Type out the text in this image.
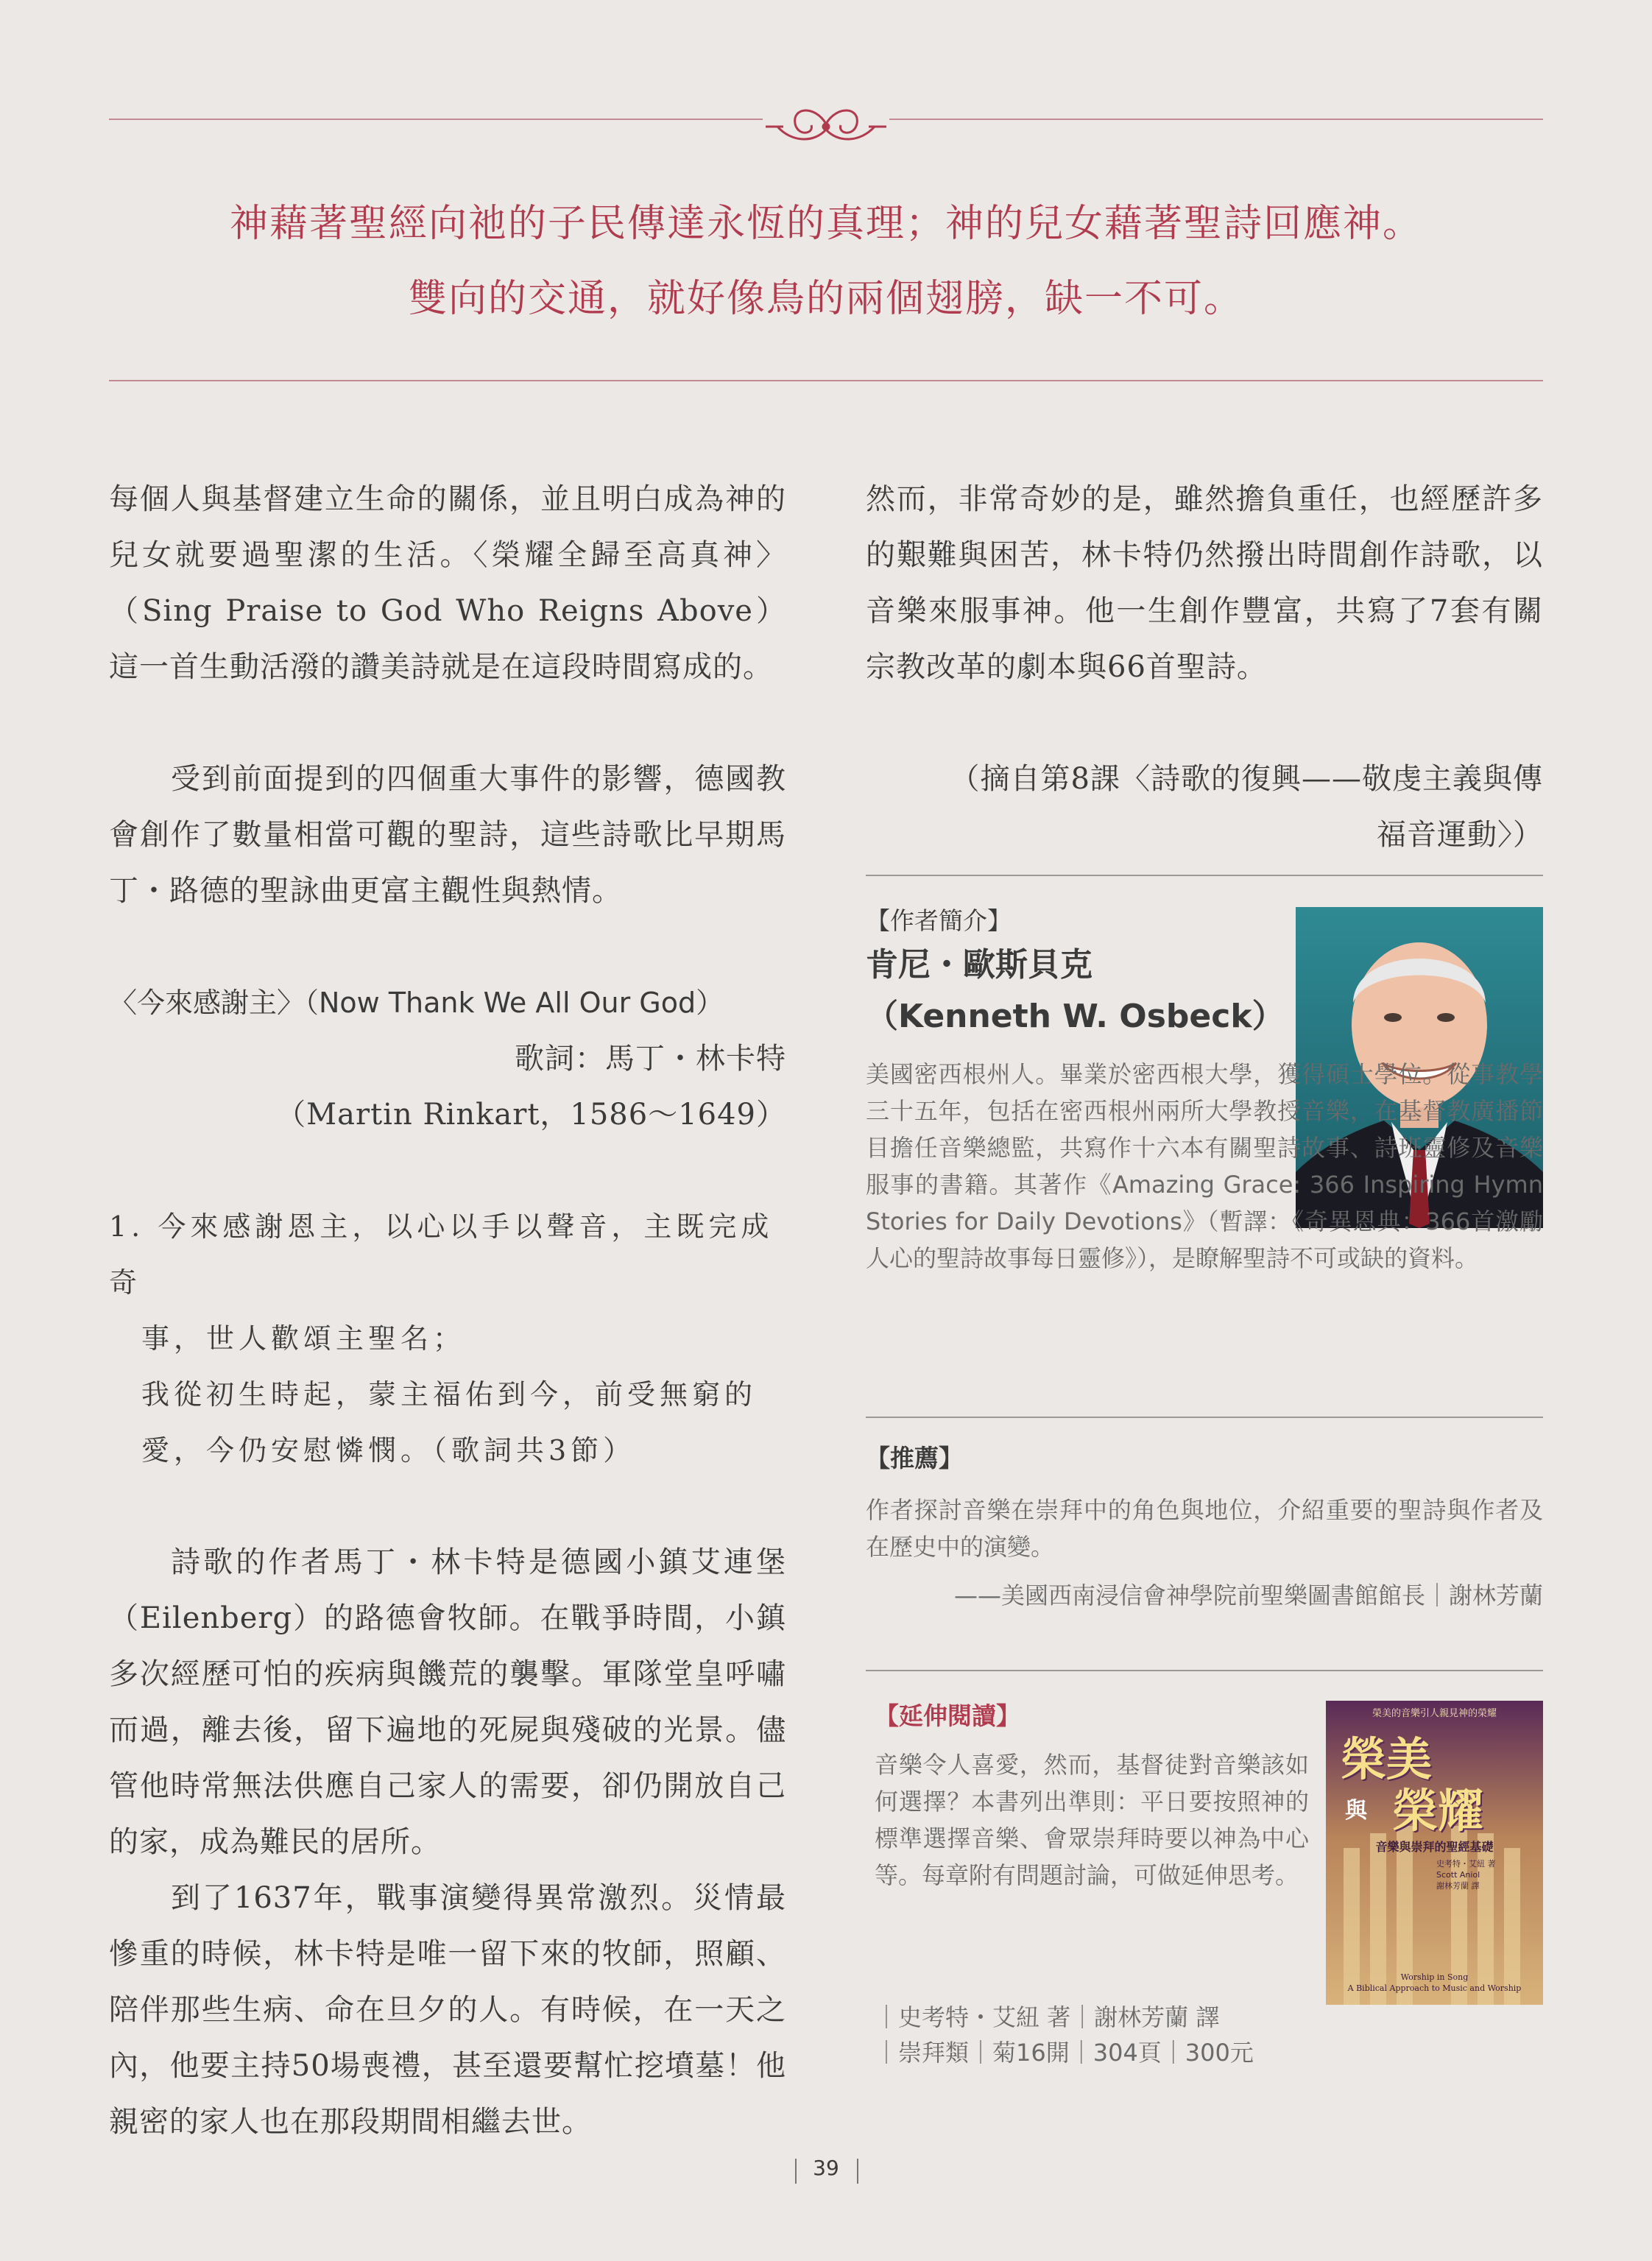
神藉著聖經向祂的子民傳達永恆的真理；神的兒女藉著聖詩回應神。
雙向的交通，就好像鳥的兩個翅膀，缺一不可。

每個人與基督建立生命的關係，並且明白成為神的兒女就要過聖潔的生活。〈榮耀全歸至高真神〉（Sing Praise to God Who Reigns Above）這一首生動活潑的讚美詩就是在這段時間寫成的。

受到前面提到的四個重大事件的影響，德國教會創作了數量相當可觀的聖詩，這些詩歌比早期馬丁・路德的聖詠曲更富主觀性與熱情。

〈今來感謝主〉（Now Thank We All Our God）

歌詞：馬丁・林卡特

（Martin Rinkart，1586～1649）

1. 今來感謝恩主，以心以手以聲音，主既完成奇

事，世人歡頌主聖名；

我從初生時起，蒙主福佑到今，前受無窮的

愛，今仍安慰憐憫。（歌詞共3節）

詩歌的作者馬丁・林卡特是德國小鎮艾連堡（Eilenberg）的路德會牧師。在戰爭時間，小鎮多次經歷可怕的疾病與饑荒的襲擊。軍隊堂皇呼嘯而過，離去後，留下遍地的死屍與殘破的光景。儘管他時常無法供應自己家人的需要，卻仍開放自己的家，成為難民的居所。

到了1637年，戰事演變得異常激烈。災情最慘重的時候，林卡特是唯一留下來的牧師，照顧、陪伴那些生病、命在旦夕的人。有時候，在一天之內，他要主持50場喪禮，甚至還要幫忙挖墳墓！他親密的家人也在那段期間相繼去世。

然而，非常奇妙的是，雖然擔負重任，也經歷許多的艱難與困苦，林卡特仍然撥出時間創作詩歌，以音樂來服事神。他一生創作豐富，共寫了7套有關宗教改革的劇本與66首聖詩。

（摘自第8課〈詩歌的復興——敬虔主義與傳

福音運動〉）

【作者簡介】

肯尼・歐斯貝克

（Kenneth W. Osbeck）

美國密西根州人。畢業於密西根大學，獲得碩士學位。從事教學三十五年，包括在密西根州兩所大學教授音樂，在基督教廣播節目擔任音樂總監，共寫作十六本有關聖詩故事、詩班靈修及音樂服事的書籍。其著作《Amazing Grace: 366 Inspiring Hymn Stories for Daily Devotions》（暫譯：《奇異恩典：366首激勵人心的聖詩故事每日靈修》），是瞭解聖詩不可或缺的資料。

【推薦】

作者探討音樂在崇拜中的角色與地位，介紹重要的聖詩與作者及在歷史中的演變。

——美國西南浸信會神學院前聖樂圖書館館長｜謝林芳蘭

【延伸閱讀】

音樂令人喜愛，然而，基督徒對音樂該如何選擇？本書列出準則：平日要按照神的標準選擇音樂、會眾崇拜時要以神為中心等。每章附有問題討論，可做延伸思考。

榮美的音樂引人親見神的榮耀
榮美
與 榮耀
音樂與崇拜的聖經基礎
史考特・艾紐 著
Scott Aniol
謝林芳蘭 譯
Worship in Song
A Biblical Approach to Music and Worship

｜史考特・艾紐 著｜謝林芳蘭 譯

｜崇拜類｜菊16開｜304頁｜300元

39
